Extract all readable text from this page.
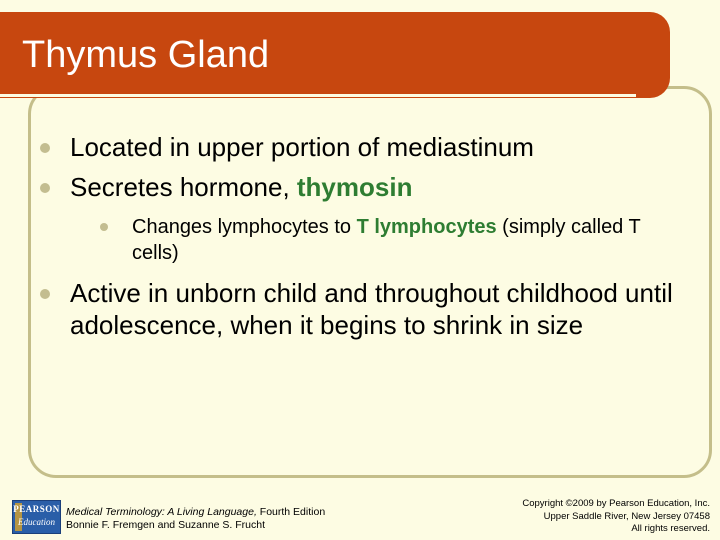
Thymus Gland
Located in upper portion of mediastinum
Secretes hormone, thymosin
Changes lymphocytes to T lymphocytes (simply called T cells)
Active in unborn child and throughout childhood until adolescence, when it begins to shrink in size
PEARSON
Education
Medical Terminology: A Living Language, Fourth Edition
Bonnie F. Fremgen and Suzanne S. Frucht
Copyright ©2009 by Pearson Education, Inc.
Upper Saddle River, New Jersey 07458
All rights reserved.
